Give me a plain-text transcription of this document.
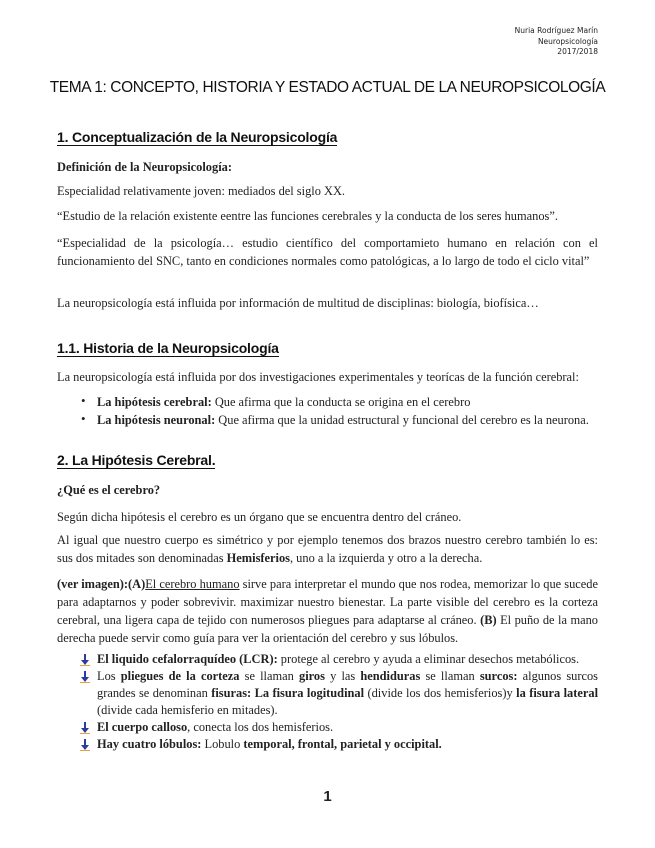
Nuria Rodríguez Marín
Neuropsicología
2017/2018
TEMA 1: CONCEPTO, HISTORIA Y ESTADO ACTUAL DE LA NEUROPSICOLOGÍA
1. Conceptualización de la Neuropsicología
Definición de la Neuropsicología:
Especialidad relativamente joven: mediados del siglo XX.
“Estudio de la relación existente eentre las funciones cerebrales y la conducta de los seres humanos”.
“Especialidad de la psicología… estudio científico del comportamieto humano en relación con el funcionamiento del SNC, tanto en condiciones normales como patológicas, a lo largo de todo el ciclo vital”
La neuropsicología está influida por información de multitud de disciplinas: biología, biofísica…
1.1. Historia de la Neuropsicología
La neuropsicología está influida por dos investigaciones experimentales y teorícas de la función cerebral:
• La hipótesis cerebral: Que afirma que la conducta se origina en el cerebro
• La hipótesis neuronal: Que afirma que la unidad estructural y funcional del cerebro es la neurona.
2. La Hipótesis Cerebral.
¿Qué es el cerebro?
Según dicha hipótesis el cerebro es un órgano que se encuentra dentro del cráneo.
Al igual que nuestro cuerpo es simétrico y por ejemplo tenemos dos brazos nuestro cerebro también lo es: sus dos mitades son denominadas Hemisferios, uno a la izquierda y otro a la derecha.
(ver imagen):(A)El cerebro humano sirve para interpretar el mundo que nos rodea, memorizar lo que sucede para adaptarnos y poder sobrevivir. maximizar nuestro bienestar. La parte visible del cerebro es la corteza cerebral, una ligera capa de tejido con numerosos pliegues para adaptarse al cráneo. (B) El puño de la mano derecha puede servir como guía para ver la orientación del cerebro y sus lóbulos.
El liquido cefalorraquídeo (LCR): protege al cerebro y ayuda a eliminar desechos metabólicos.
Los pliegues de la corteza se llaman giros y las hendiduras se llaman surcos: algunos surcos grandes se denominan fisuras: La fisura logitudinal (divide los dos hemisferios)y la fisura lateral (divide cada hemisferio en mitades).
El cuerpo calloso, conecta los dos hemisferios.
Hay cuatro lóbulos: Lobulo temporal, frontal, parietal y occipital.
1
